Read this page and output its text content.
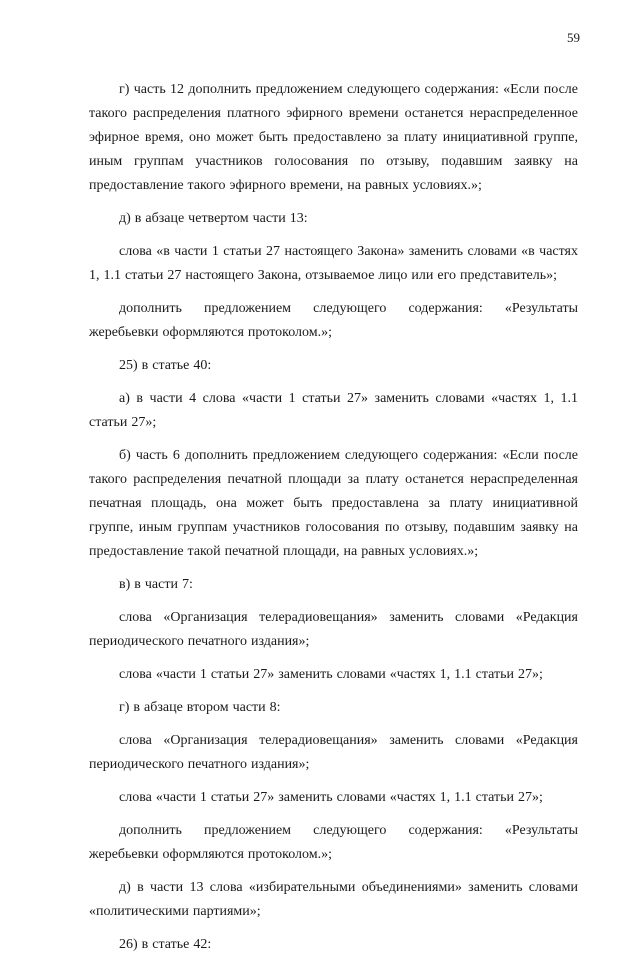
59

г) часть 12 дополнить предложением следующего содержания: «Если после такого распределения платного эфирного времени останется нераспределенное эфирное время, оно может быть предоставлено за плату инициативной группе, иным группам участников голосования по отзыву, подавшим заявку на предоставление такого эфирного времени, на равных условиях.»;

д) в абзаце четвертом части 13:

слова «в части 1 статьи 27 настоящего Закона» заменить словами «в частях 1, 1.1 статьи 27 настоящего Закона, отзываемое лицо или его представитель»;

дополнить предложением следующего содержания: «Результаты жеребьевки оформляются протоколом.»;

25) в статье 40:

а) в части 4 слова «части 1 статьи 27» заменить словами «частях 1, 1.1 статьи 27»;

б) часть 6 дополнить предложением следующего содержания: «Если после такого распределения печатной площади за плату останется нераспределенная печатная площадь, она может быть предоставлена за плату инициативной группе, иным группам участников голосования по отзыву, подавшим заявку на предоставление такой печатной площади, на равных условиях.»;

в) в части 7:

слова «Организация телерадиовещания» заменить словами «Редакция периодического печатного издания»;

слова «части 1 статьи 27» заменить словами «частях 1, 1.1 статьи 27»;

г) в абзаце втором части 8:

слова «Организация телерадиовещания» заменить словами «Редакция периодического печатного издания»;

слова «части 1 статьи 27» заменить словами «частях 1, 1.1 статьи 27»;

дополнить предложением следующего содержания: «Результаты жеребьевки оформляются протоколом.»;

д) в части 13 слова «избирательными объединениями» заменить словами «политическими партиями»;

26) в статье 42:
